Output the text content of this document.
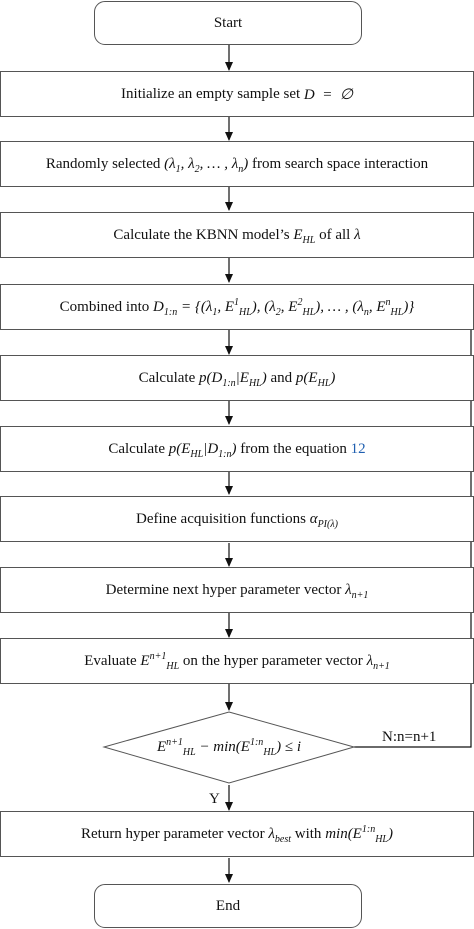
Start
Initialize an empty sample set
D  =  ∅
Randomly selected
($\lambda_1$, $\lambda_2$, … , $\lambda_n$)
from search space interaction
Calculate the KBNN model’s
$E_{HL}$
of all
λ
Combined into
$D_{1:n} = \{(\lambda_1$, $E^1_{HL}$), ($\lambda_2$, $E^2_{HL}$), … , ($\lambda_n$, $E^n_{HL}$)}
Calculate
$p(D_{1:n}|E_{HL})$
and
$p(E_{HL})$
Calculate
$p(E_{HL}|D_{1:n})$
from the equation
12
Define acquisition functions
$\alpha_{PI(\lambda)}$
Determine next hyper parameter vector
$\lambda_{n+1}$
Evaluate
$E^{n+1}_{HL}$
on the hyper parameter vector
$\lambda_{n+1}$
$E^{n+1}_{HL} - \min(E^{1:n}_{HL}) \le i$
N:n=n+1
Y
Return hyper parameter vector
$\lambda_{best}$
with
$\min(E^{1:n}_{HL})$
End
